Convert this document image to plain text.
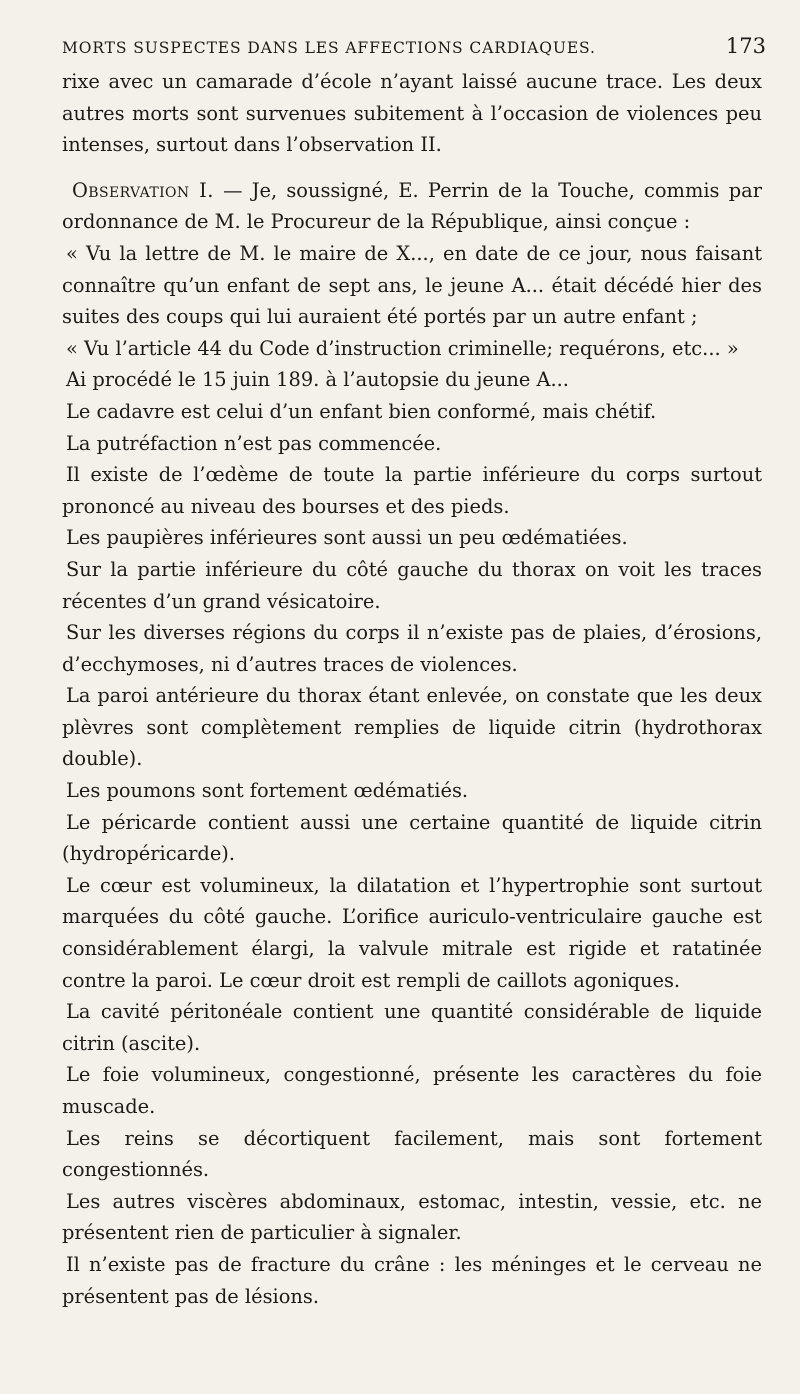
MORTS SUSPECTES DANS LES AFFECTIONS CARDIAQUES.	173

rixe avec un camarade d’école n’ayant laissé aucune trace. Les deux autres morts sont survenues subitement à l’occasion de violences peu intenses, surtout dans l’observation II.

Observation I. — Je, soussigné, E. Perrin de la Touche, commis par ordonnance de M. le Procureur de la République, ainsi conçue :

« Vu la lettre de M. le maire de X..., en date de ce jour, nous faisant connaître qu’un enfant de sept ans, le jeune A... était décédé hier des suites des coups qui lui auraient été portés par un autre enfant ;

« Vu l’article 44 du Code d’instruction criminelle; requérons, etc... »

Ai procédé le 15 juin 189. à l’autopsie du jeune A...

Le cadavre est celui d’un enfant bien conformé, mais chétif.

La putréfaction n’est pas commencée.

Il existe de l’œdème de toute la partie inférieure du corps surtout prononcé au niveau des bourses et des pieds.

Les paupières inférieures sont aussi un peu œdématiées.

Sur la partie inférieure du côté gauche du thorax on voit les traces récentes d’un grand vésicatoire.

Sur les diverses régions du corps il n’existe pas de plaies, d’érosions, d’ecchymoses, ni d’autres traces de violences.

La paroi antérieure du thorax étant enlevée, on constate que les deux plèvres sont complètement remplies de liquide citrin (hydrothorax double).

Les poumons sont fortement œdématiés.

Le péricarde contient aussi une certaine quantité de liquide citrin (hydropéricarde).

Le cœur est volumineux, la dilatation et l’hypertrophie sont surtout marquées du côté gauche. L’orifice auriculo-ventriculaire gauche est considérablement élargi, la valvule mitrale est rigide et ratatinée contre la paroi. Le cœur droit est rempli de caillots agoniques.

La cavité péritonéale contient une quantité considérable de liquide citrin (ascite).

Le foie volumineux, congestionné, présente les caractères du foie muscade.

Les reins se décortiquent facilement, mais sont fortement congestionnés.

Les autres viscères abdominaux, estomac, intestin, vessie, etc. ne présentent rien de particulier à signaler.

Il n’existe pas de fracture du crâne : les méninges et le cerveau ne présentent pas de lésions.
